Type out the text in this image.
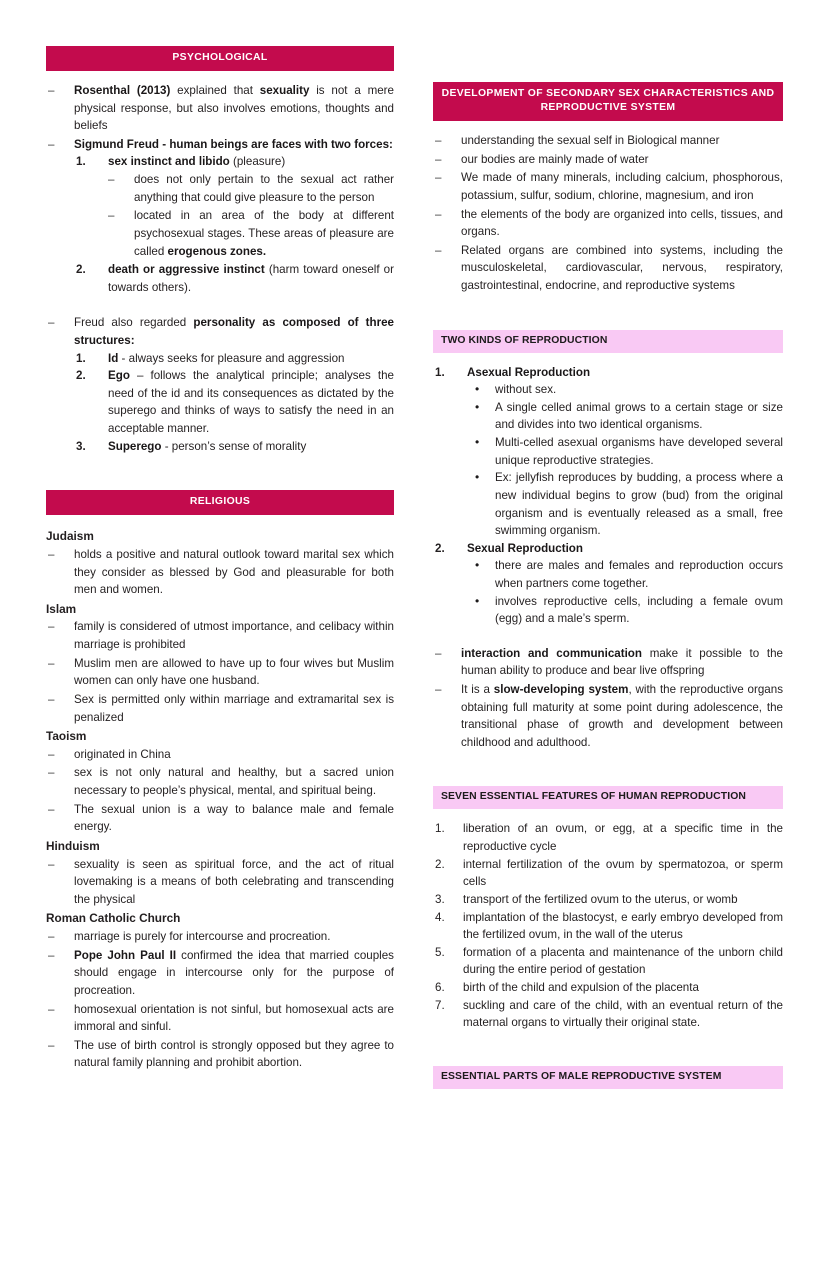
PSYCHOLOGICAL
– Rosenthal (2013) explained that sexuality is not a mere physical response, but also involves emotions, thoughts and beliefs
– Sigmund Freud - human beings are faces with two forces:
1. sex instinct and libido (pleasure)
– does not only pertain to the sexual act rather anything that could give pleasure to the person
– located in an area of the body at different psychosexual stages. These areas of pleasure are called erogenous zones.
2. death or aggressive instinct (harm toward oneself or towards others).
– Freud also regarded personality as composed of three structures:
1. Id - always seeks for pleasure and aggression
2. Ego – follows the analytical principle; analyses the need of the id and its consequences as dictated by the superego and thinks of ways to satisfy the need in an acceptable manner.
3. Superego - person’s sense of morality
RELIGIOUS
Judaism
– holds a positive and natural outlook toward marital sex which they consider as blessed by God and pleasurable for both men and women.
Islam
– family is considered of utmost importance, and celibacy within marriage is prohibited
– Muslim men are allowed to have up to four wives but Muslim women can only have one husband.
– Sex is permitted only within marriage and extramarital sex is penalized
Taoism
– originated in China
– sex is not only natural and healthy, but a sacred union necessary to people’s physical, mental, and spiritual being.
– The sexual union is a way to balance male and female energy.
Hinduism
– sexuality is seen as spiritual force, and the act of ritual lovemaking is a means of both celebrating and transcending the physical
Roman Catholic Church
– marriage is purely for intercourse and procreation.
– Pope John Paul II confirmed the idea that married couples should engage in intercourse only for the purpose of procreation.
– homosexual orientation is not sinful, but homosexual acts are immoral and sinful.
– The use of birth control is strongly opposed but they agree to natural family planning and prohibit abortion.
DEVELOPMENT OF SECONDARY SEX CHARACTERISTICS AND REPRODUCTIVE SYSTEM
– understanding the sexual self in Biological manner
– our bodies are mainly made of water
– We made of many minerals, including calcium, phosphorous, potassium, sulfur, sodium, chlorine, magnesium, and iron
– the elements of the body are organized into cells, tissues, and organs.
– Related organs are combined into systems, including the musculoskeletal, cardiovascular, nervous, respiratory, gastrointestinal, endocrine, and reproductive systems
TWO KINDS OF REPRODUCTION
1. Asexual Reproduction
• without sex.
• A single celled animal grows to a certain stage or size and divides into two identical organisms.
• Multi-celled asexual organisms have developed several unique reproductive strategies.
• Ex: jellyfish reproduces by budding, a process where a new individual begins to grow (bud) from the original organism and is eventually released as a small, free swimming organism.
2. Sexual Reproduction
• there are males and females and reproduction occurs when partners come together.
• involves reproductive cells, including a female ovum (egg) and a male’s sperm.
– interaction and communication make it possible to the human ability to produce and bear live offspring
– It is a slow-developing system, with the reproductive organs obtaining full maturity at some point during adolescence, the transitional phase of growth and development between childhood and adulthood.
SEVEN ESSENTIAL FEATURES OF HUMAN REPRODUCTION
1. liberation of an ovum, or egg, at a specific time in the reproductive cycle
2. internal fertilization of the ovum by spermatozoa, or sperm cells
3. transport of the fertilized ovum to the uterus, or womb
4. implantation of the blastocyst, e early embryo developed from the fertilized ovum, in the wall of the uterus
5. formation of a placenta and maintenance of the unborn child during the entire period of gestation
6. birth of the child and expulsion of the placenta
7. suckling and care of the child, with an eventual return of the maternal organs to virtually their original state.
ESSENTIAL PARTS OF MALE REPRODUCTIVE SYSTEM
